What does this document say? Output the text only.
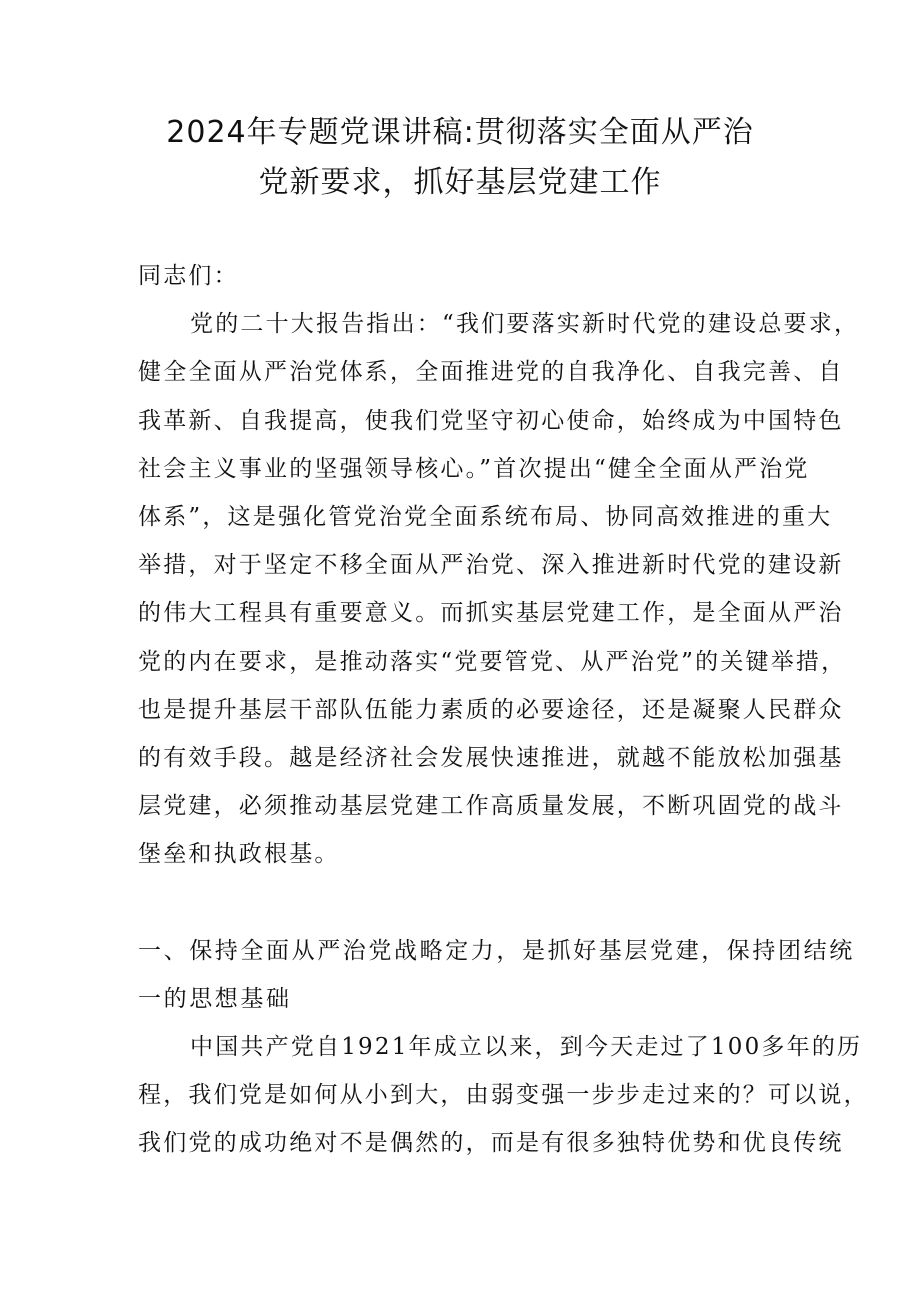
2024年专题党课讲稿:贯彻落实全面从严治
党新要求，抓好基层党建工作
同志们：
党的二十大报告指出：“我们要落实新时代党的建设总要求，
健全全面从严治党体系，全面推进党的自我净化、自我完善、自
我革新、自我提高，使我们党坚守初心使命，始终成为中国特色
社会主义事业的坚强领导核心。”首次提出“健全全面从严治党
体系”，这是强化管党治党全面系统布局、协同高效推进的重大
举措，对于坚定不移全面从严治党、深入推进新时代党的建设新
的伟大工程具有重要意义。而抓实基层党建工作，是全面从严治
党的内在要求，是推动落实“党要管党、从严治党”的关键举措，
也是提升基层干部队伍能力素质的必要途径，还是凝聚人民群众
的有效手段。越是经济社会发展快速推进，就越不能放松加强基
层党建，必须推动基层党建工作高质量发展，不断巩固党的战斗
堡垒和执政根基。
一、保持全面从严治党战略定力，是抓好基层党建，保持团结统
一的思想基础
中国共产党自1921年成立以来，到今天走过了100多年的历
程，我们党是如何从小到大，由弱变强一步步走过来的？可以说，
我们党的成功绝对不是偶然的，而是有很多独特优势和优良传统
